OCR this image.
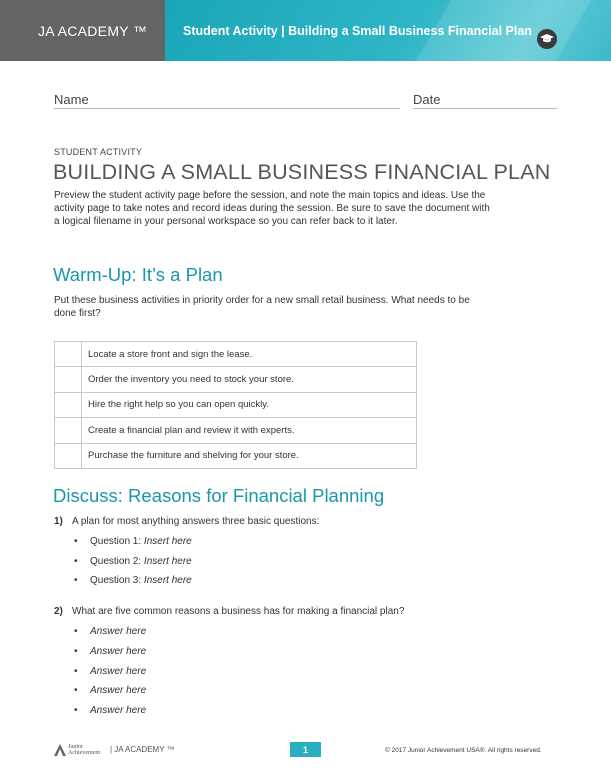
JA ACADEMY ™	Student Activity | Building a Small Business Financial Plan
Name	Date
STUDENT ACTIVITY
BUILDING A SMALL BUSINESS FINANCIAL PLAN
Preview the student activity page before the session, and note the main topics and ideas. Use the activity page to take notes and record ideas during the session. Be sure to save the document with a logical filename in your personal workspace so you can refer back to it later.
Warm-Up: It’s a Plan
Put these business activities in priority order for a new small retail business. What needs to be done first?
	Locate a store front and sign the lease.
	Order the inventory you need to stock your store.
	Hire the right help so you can open quickly.
	Create a financial plan and review it with experts.
	Purchase the furniture and shelving for your store.
Discuss: Reasons for Financial Planning
1) A plan for most anything answers three basic questions:
• Question 1: Insert here
• Question 2: Insert here
• Question 3: Insert here
2) What are five common reasons a business has for making a financial plan?
• Answer here
• Answer here
• Answer here
• Answer here
• Answer here
Junior
Achievement | JA ACADEMY ™	1	© 2017 Junior Achievement USA®. All rights reserved.
